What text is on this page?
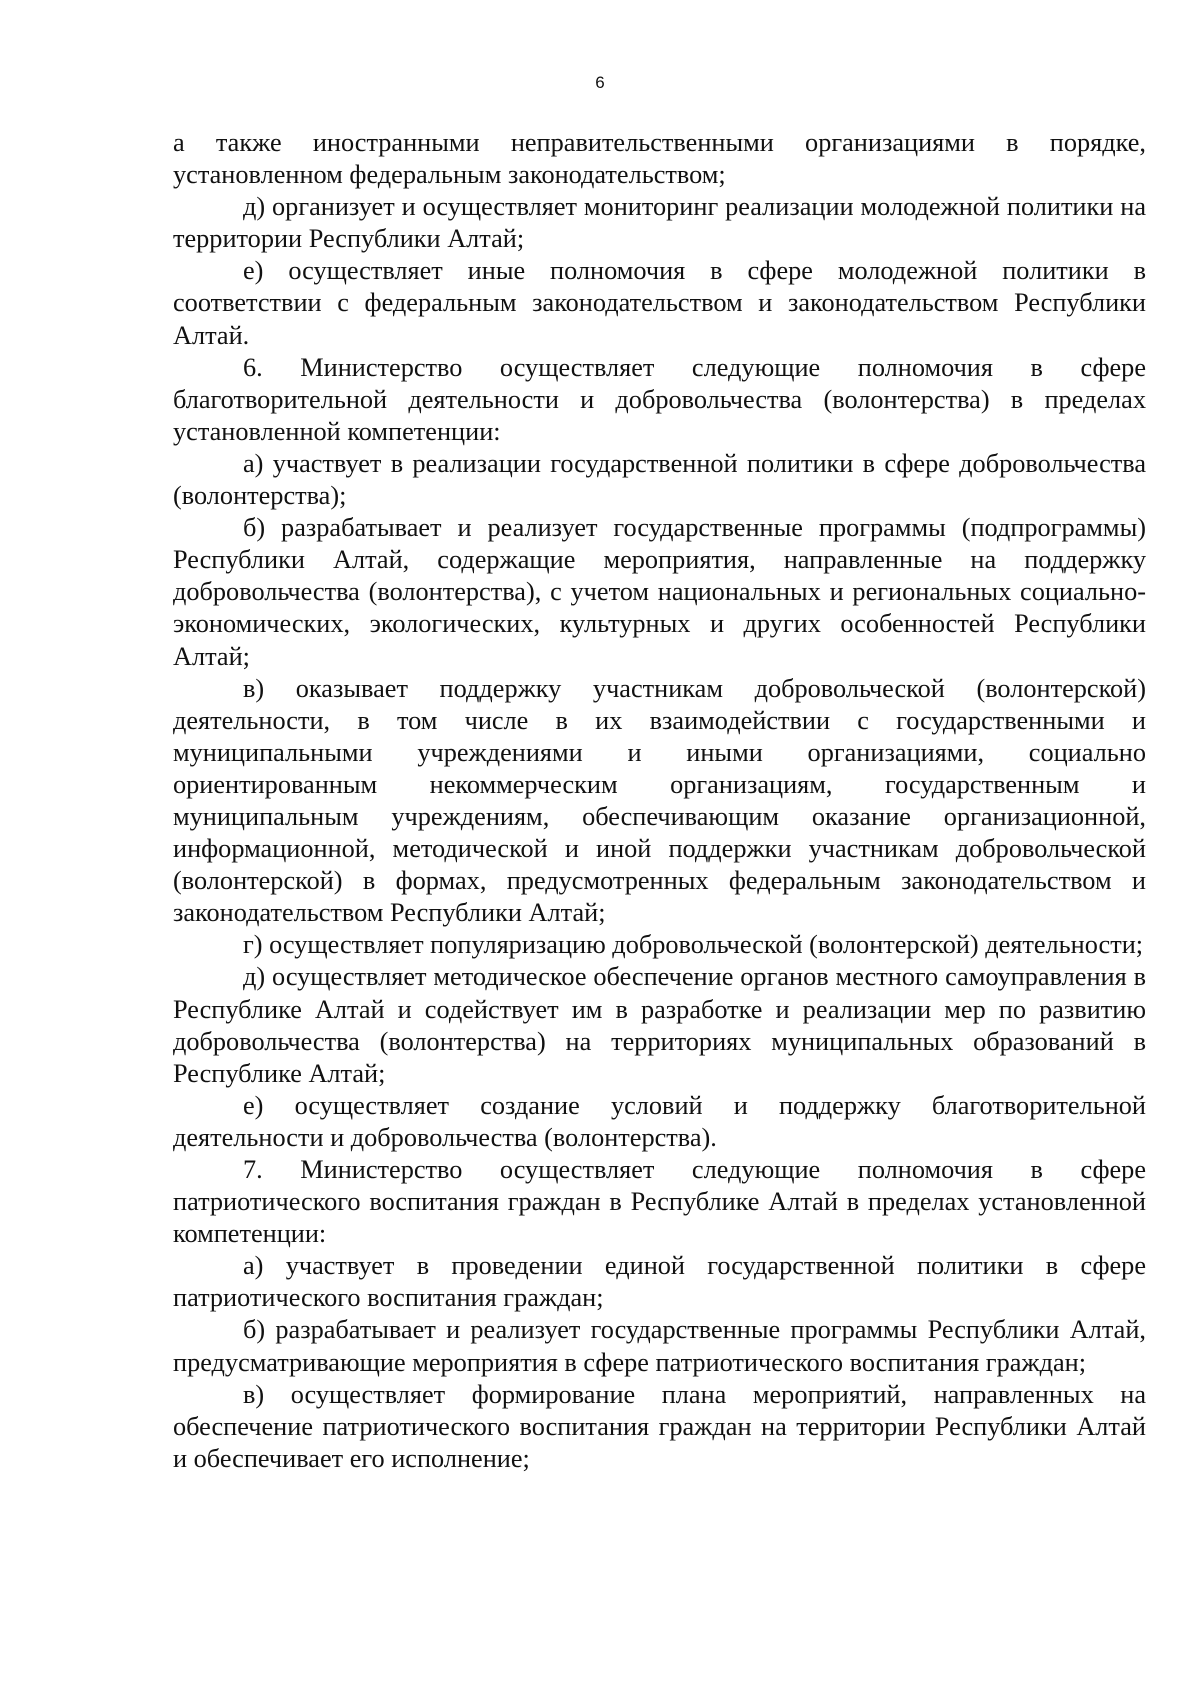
6

а также иностранными неправительственными организациями в порядке, установленном федеральным законодательством;

д) организует и осуществляет мониторинг реализации молодежной политики на территории Республики Алтай;

е) осуществляет иные полномочия в сфере молодежной политики в соответствии с федеральным законодательством и законодательством Республики Алтай.

6. Министерство осуществляет следующие полномочия в сфере благотворительной деятельности и добровольчества (волонтерства) в пределах установленной компетенции:

а) участвует в реализации государственной политики в сфере добровольчества (волонтерства);

б) разрабатывает и реализует государственные программы (подпрограммы) Республики Алтай, содержащие мероприятия, направленные на поддержку добровольчества (волонтерства), с учетом национальных и региональных социально-экономических, экологических, культурных и других особенностей Республики Алтай;

в) оказывает поддержку участникам добровольческой (волонтерской) деятельности, в том числе в их взаимодействии с государственными и муниципальными учреждениями и иными организациями, социально ориентированным некоммерческим организациям, государственным и муниципальным учреждениям, обеспечивающим оказание организационной, информационной, методической и иной поддержки участникам добровольческой (волонтерской) в формах, предусмотренных федеральным законодательством и законодательством Республики Алтай;

г) осуществляет популяризацию добровольческой (волонтерской) деятельности;

д) осуществляет методическое обеспечение органов местного самоуправления в Республике Алтай и содействует им в разработке и реализации мер по развитию добровольчества (волонтерства) на территориях муниципальных образований в Республике Алтай;

е) осуществляет создание условий и поддержку благотворительной деятельности и добровольчества (волонтерства).

7. Министерство осуществляет следующие полномочия в сфере патриотического воспитания граждан в Республике Алтай в пределах установленной компетенции:

а) участвует в проведении единой государственной политики в сфере патриотического воспитания граждан;

б) разрабатывает и реализует государственные программы Республики Алтай, предусматривающие мероприятия в сфере патриотического воспитания граждан;

в) осуществляет формирование плана мероприятий, направленных на обеспечение патриотического воспитания граждан на территории Республики Алтай и обеспечивает его исполнение;
